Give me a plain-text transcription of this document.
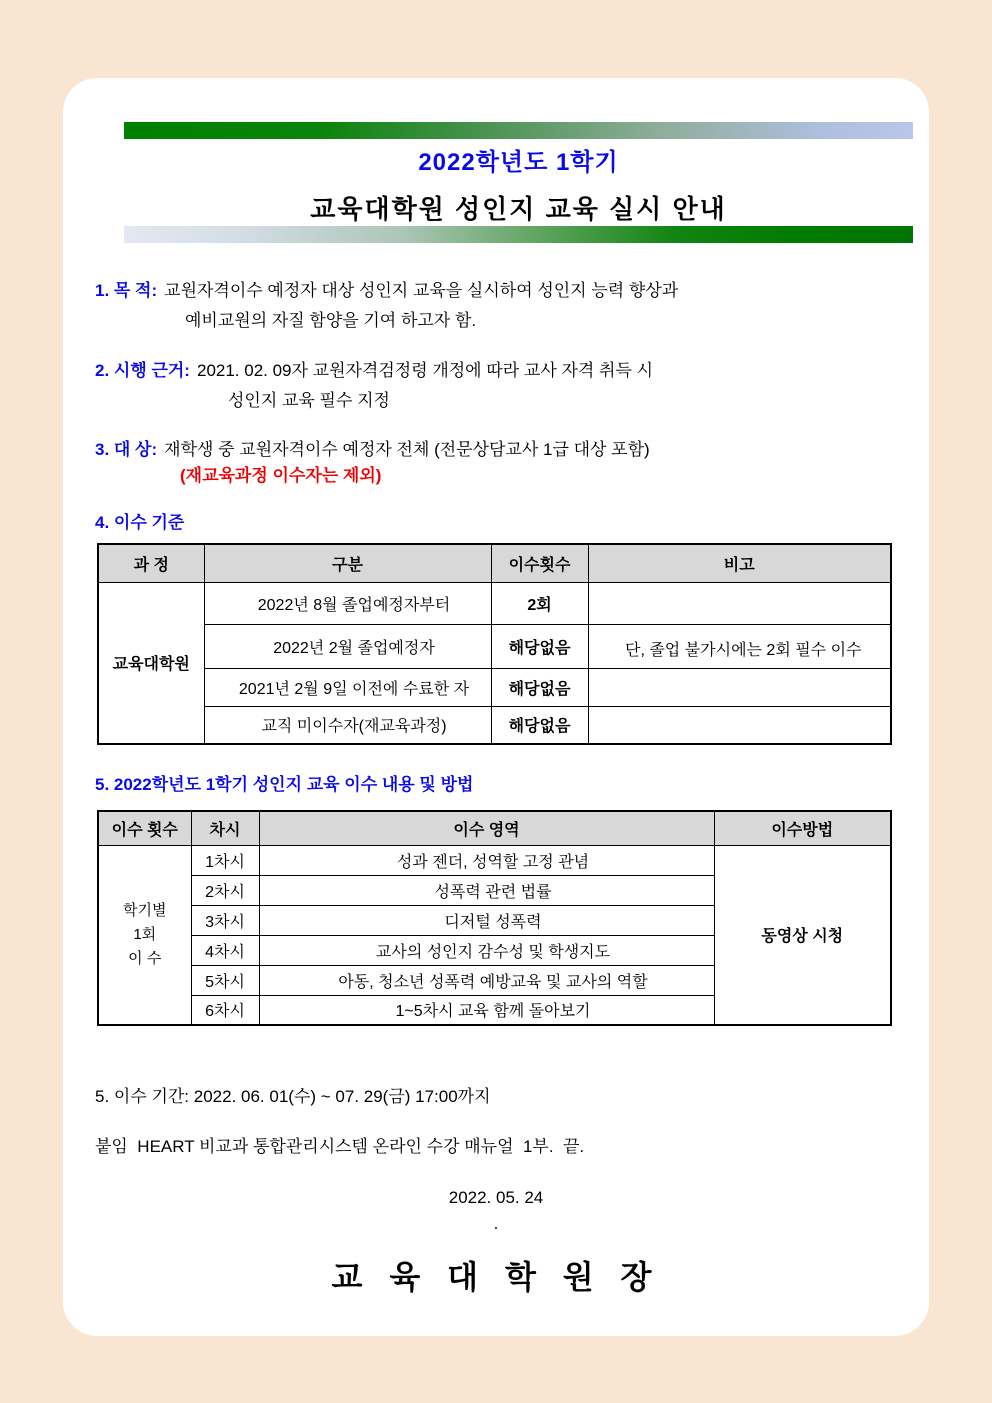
2022학년도 1학기
교육대학원 성인지 교육 실시 안내
1. 목 적: 교원자격이수 예정자 대상 성인지 교육을 실시하여 성인지 능력 향상과
예비교원의 자질 함양을 기여 하고자 함.
2. 시행 근거: 2021. 02. 09자 교원자격검정령 개정에 따라 교사 자격 취득 시
성인지 교육 필수 지정
3. 대 상: 재학생 중 교원자격이수 예정자 전체 (전문상담교사 1급 대상 포함)
(재교육과정 이수자는 제외)
4. 이수 기준
과 정	구분	이수횟수	비고
교육대학원	2022년 8월 졸업예정자부터	2회	
	2022년 2월 졸업예정자	해당없음	단, 졸업 불가시에는 2회 필수 이수
	2021년 2월 9일 이전에 수료한 자	해당없음	
	교직 미이수자(재교육과정)	해당없음	
5. 2022학년도 1학기 성인지 교육 이수 내용 및 방법
이수 횟수	차시	이수 영역	이수방법

학기별
1회
이 수	1차시	성과 젠더, 성역할 고정 관념	동영상 시청
	2차시	성폭력 관련 법률	
	3차시	디저털 성폭력	
	4차시	교사의 성인지 감수성 및 학생지도	
	5차시	아동, 청소년 성폭력 예방교육 및 교사의 역할	
	6차시	1~5차시 교육 함께 돌아보기	
5. 이수 기간: 2022. 06. 01(수) ~ 07. 29(금) 17:00까지
붙임  HEART 비교과 통합관리시스템 온라인 수강 매뉴얼  1부.  끝.
2022. 05. 24
.
교 육 대 학 원 장
